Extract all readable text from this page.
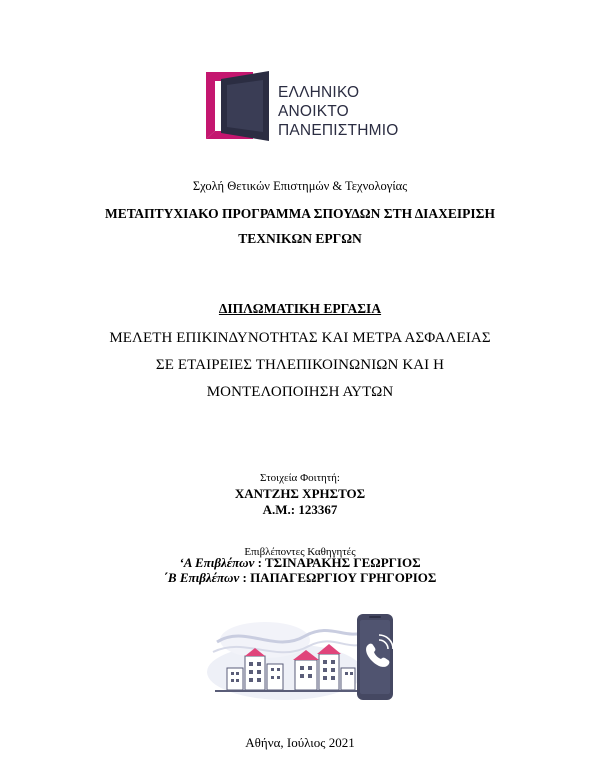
ΕΛΛΗΝΙΚΟ
ΑΝΟΙΚΤΟ
ΠΑΝΕΠΙΣΤΗΜΙΟ
Σχολή Θετικών Επιστημών & Τεχνολογίας
ΜΕΤΑΠΤΥΧΙΑΚΟ ΠΡΟΓΡΑΜΜΑ ΣΠΟΥΔΩΝ ΣΤΗ ΔΙΑΧΕΙΡΙΣΗ
ΤΕΧΝΙΚΩΝ ΕΡΓΩΝ
ΔΙΠΛΩΜΑΤΙΚΗ ΕΡΓΑΣΙΑ
ΜΕΛΕΤΗ ΕΠΙΚΙΝΔΥΝΟΤΗΤΑΣ ΚΑΙ ΜΕΤΡΑ ΑΣΦΑΛΕΙΑΣ
ΣΕ ΕΤΑΙΡΕΙΕΣ ΤΗΛΕΠΙΚΟΙΝΩΝΙΩΝ ΚΑΙ Η
ΜΟΝΤΕΛΟΠΟΙΗΣΗ ΑΥΤΩΝ
Στοιχεία Φοιτητή:
ΧΑΝΤΖΗΣ ΧΡΗΣΤΟΣ
Α.Μ.: 123367
Επιβλέποντες Καθηγητές
‘Α Επιβλέπων : ΤΣΙΝΑΡΑΚΗΣ ΓΕΩΡΓΙΟΣ
΄Β Επιβλέπων : ΠΑΠΑΓΕΩΡΓΙΟΥ ΓΡΗΓΟΡΙΟΣ
Αθήνα, Ιούλιος 2021
